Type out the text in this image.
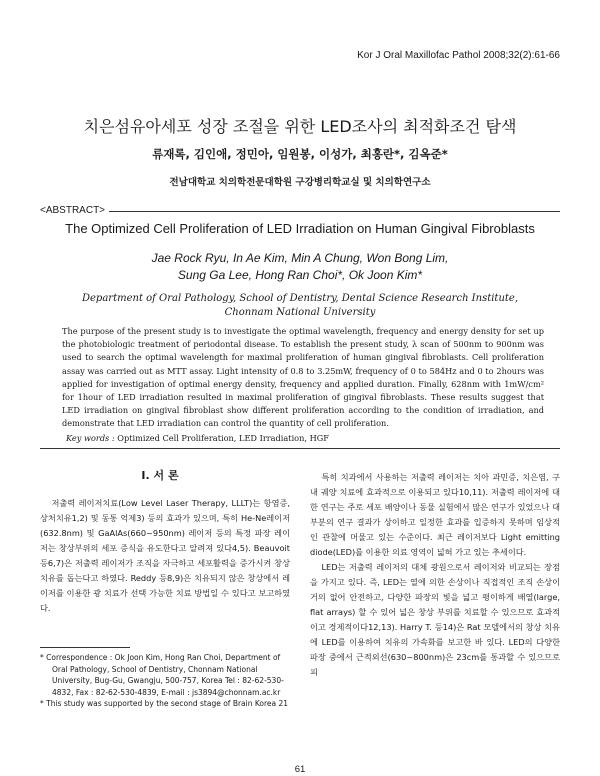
Kor J Oral Maxillofac Pathol 2008;32(2):61-66
치은섬유아세포 성장 조절을 위한 LED조사의 최적화조건 탐색
류재록, 김인애, 정민아, 임원봉, 이성가, 최홍란*, 김옥준*
전남대학교 치의학전문대학원 구강병리학교실 및 치의학연구소
<ABSTRACT>
The Optimized Cell Proliferation of LED Irradiation on Human Gingival Fibroblasts
Jae Rock Ryu, In Ae Kim, Min A Chung, Won Bong Lim,
Sung Ga Lee, Hong Ran Choi*, Ok Joon Kim*
Department of Oral Pathology, School of Dentistry, Dental Science Research Institute,
Chonnam National University
The purpose of the present study is to investigate the optimal wavelength, frequency and energy density for set up the photobiologic treatment of periodontal disease. To establish the present study, λ scan of 500nm to 900nm was used to search the optimal wavelength for maximal proliferation of human gingival fibroblasts. Cell proliferation assay was carried out as MTT assay. Light intensity of 0.8 to 3.25mW, frequency of 0 to 584Hz and 0 to 2hours was applied for investigation of optimal energy density, frequency and applied duration. Finally, 628nm with 1mW/cm² for 1hour of LED irradiation resulted in maximal proliferation of gingival fibroblasts. These results suggest that LED irradiation on gingival fibroblast show different proliferation according to the condition of irradiation, and demonstrate that LED irradiation can control the quantity of cell proliferation.
Key words : Optimized Cell Proliferation, LED Irradiation, HGF
I. 서 론

저출력 레이저치료(Low Level Laser Therapy, LLLT)는 항염증, 상처치유1,2) 및 동통 억제3) 등의 효과가 있으며, 특히 He-Ne레이저(632.8nm) 및 GaAlAs(660~950nm) 레이저 등의 특정 파장 레이저는 창상부위의 세포 증식을 유도한다고 알려져 있다4,5). Beauvoit 등6,7)은 저출력 레이저가 조직을 자극하고 세포활력을 증가시켜 창상 치유를 돕는다고 하였다. Reddy 등8,9)은 치유되지 않은 창상에서 레이저를 이용한 광 치료가 선택 가능한 치료 방법일 수 있다고 보고하였다.

특히 치과에서 사용하는 저출력 레이저는 치아 과민증, 치은염, 구내 궤양 치료에 효과적으로 이용되고 있다10,11). 저출력 레이저에 대한 연구는 주로 세포 배양이나 동물 실험에서 많은 연구가 있었으나 대부분의 연구 결과가 상이하고 일정한 효과를 입증하지 못하며 임상적인 관찰에 머물고 있는 수준이다. 최근 레이저보다 Light emitting diode(LED)를 이용한 의료 영역이 넓혀 가고 있는 추세이다.

LED는 저출력 레이저의 대체 광원으로서 레이저와 비교되는 장점을 가지고 있다. 즉, LED는 열에 의한 손상이나 직접적인 조직 손상이 거의 없어 안전하고, 다양한 파장의 빛을 넓고 평이하게 배열(large, flat arrays) 할 수 있어 넓은 창상 부위를 치료할 수 있으므로 효과적이고 경제적이다12,13). Harry T. 등14)은 Rat 모델에서의 창상 치유에 LED를 이용하여 치유의 가속화를 보고한 바 있다. LED의 다양한 파장 중에서 근적외선(630~800nm)은 23cm를 통과할 수 있으므로 피

* Correspondence : Ok Joon Kim, Hong Ran Choi, Department of Oral Pathology, School of Dentistry, Chonnam National University, Bug-Gu, Gwangju, 500-757, Korea Tel : 82-62-530-4832, Fax : 82-62-530-4839, E-mail : js3894@chonnam.ac.kr
* This study was supported by the second stage of Brain Korea 21
61
